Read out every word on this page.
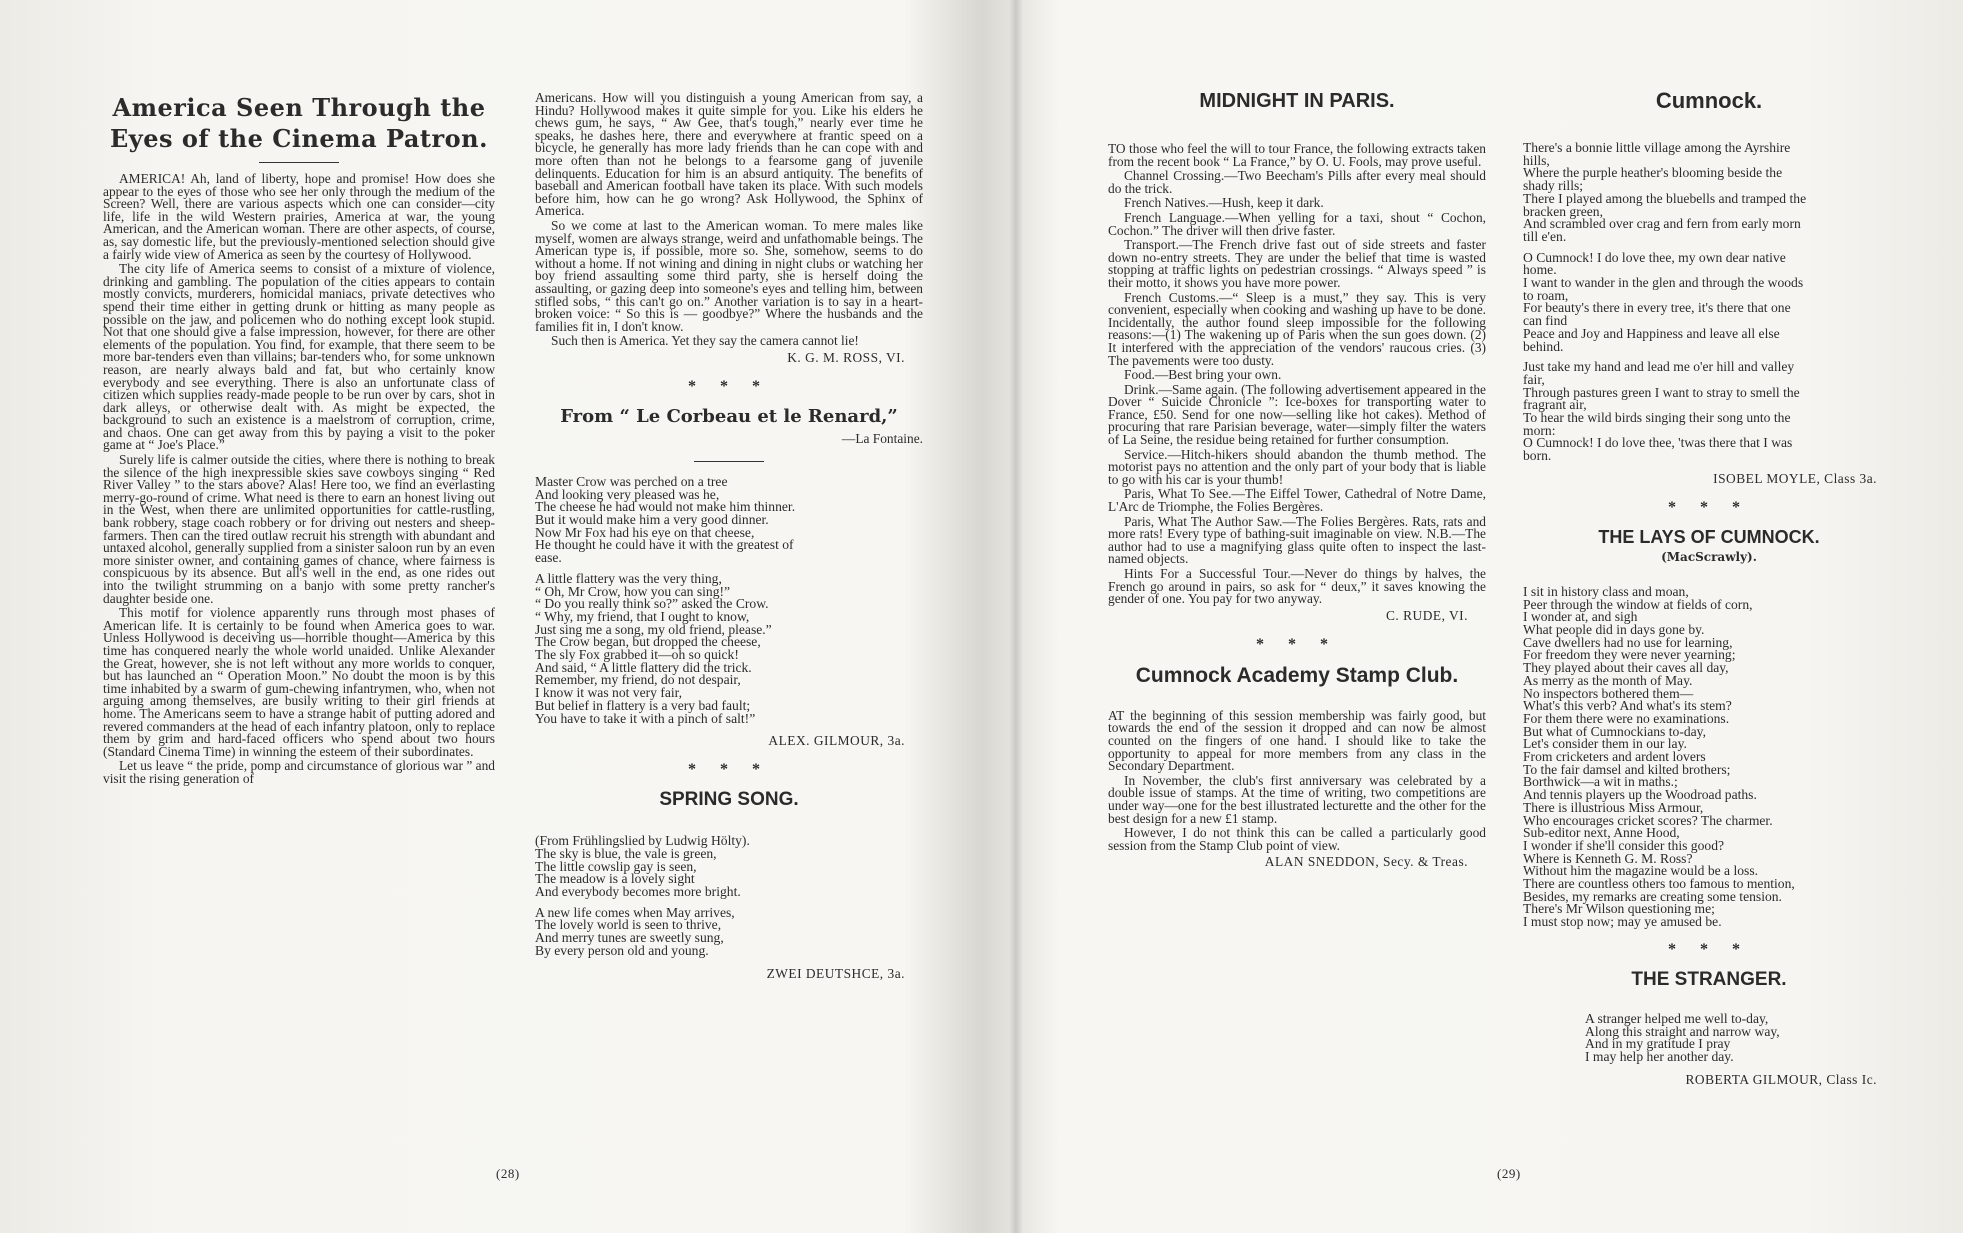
America Seen Through the Eyes of the Cinema Patron.

AMERICA! Ah, land of liberty, hope and promise! How does she appear to the eyes of those who see her only through the medium of the Screen? Well, there are various aspects which one can consider—city life, life in the wild Western prairies, America at war, the young American, and the American woman. There are other aspects, of course, as, say domestic life, but the previously-mentioned selection should give a fairly wide view of America as seen by the courtesy of Hollywood.

The city life of America seems to consist of a mixture of violence, drinking and gambling. The population of the cities appears to contain mostly convicts, murderers, homicidal maniacs, private detectives who spend their time either in getting drunk or hitting as many people as possible on the jaw, and policemen who do nothing except look stupid. Not that one should give a false impression, however, for there are other elements of the population. You find, for example, that there seem to be more bar-tenders even than villains; bar-tenders who, for some unknown reason, are nearly always bald and fat, but who certainly know everybody and see everything. There is also an unfortunate class of citizen which supplies ready-made people to be run over by cars, shot in dark alleys, or otherwise dealt with. As might be expected, the background to such an existence is a maelstrom of corruption, crime, and chaos. One can get away from this by paying a visit to the poker game at “ Joe's Place.”

Surely life is calmer outside the cities, where there is nothing to break the silence of the high inexpressible skies save cowboys singing “ Red River Valley ” to the stars above? Alas! Here too, we find an everlasting merry-go-round of crime. What need is there to earn an honest living out in the West, when there are unlimited opportunities for cattle-rustling, bank robbery, stage coach robbery or for driving out nesters and sheep-farmers. Then can the tired outlaw recruit his strength with abundant and untaxed alcohol, generally supplied from a sinister saloon run by an even more sinister owner, and containing games of chance, where fairness is conspicuous by its absence. But all's well in the end, as one rides out into the twilight strumming on a banjo with some pretty rancher's daughter beside one.

This motif for violence apparently runs through most phases of American life. It is certainly to be found when America goes to war. Unless Hollywood is deceiving us—horrible thought—America by this time has conquered nearly the whole world unaided. Unlike Alexander the Great, however, she is not left without any more worlds to conquer, but has launched an “ Operation Moon.” No doubt the moon is by this time inhabited by a swarm of gum-chewing infantrymen, who, when not arguing among themselves, are busily writing to their girl friends at home. The Americans seem to have a strange habit of putting adored and revered commanders at the head of each infantry platoon, only to replace them by grim and hard-faced officers who spend about two hours (Standard Cinema Time) in winning the esteem of their subordinates.

Let us leave “ the pride, pomp and circumstance of glorious war ” and visit the rising generation of

Americans. How will you distinguish a young American from say, a Hindu? Hollywood makes it quite simple for you. Like his elders he chews gum, he says, “ Aw Gee, that's tough,” nearly ever time he speaks, he dashes here, there and everywhere at frantic speed on a bicycle, he generally has more lady friends than he can cope with and more often than not he belongs to a fearsome gang of juvenile delinquents. Education for him is an absurd antiquity. The benefits of baseball and American football have taken its place. With such models before him, how can he go wrong? Ask Hollywood, the Sphinx of America.

So we come at last to the American woman. To mere males like myself, women are always strange, weird and unfathomable beings. The American type is, if possible, more so. She, somehow, seems to do without a home. If not wining and dining in night clubs or watching her boy friend assaulting some third party, she is herself doing the assaulting, or gazing deep into someone's eyes and telling him, between stifled sobs, “ this can't go on.” Another variation is to say in a heart-broken voice: “ So this is — goodbye?” Where the husbands and the families fit in, I don't know.

Such then is America. Yet they say the camera cannot lie!

K. G. M. ROSS, VI.
* * *
From “ Le Corbeau et le Renard,”
—La Fontaine.
Master Crow was perched on a tree
And looking very pleased was he,
The cheese he had would not make him thinner.
But it would make him a very good dinner.
Now Mr Fox had his eye on that cheese,
He thought he could have it with the greatest of
ease.
A little flattery was the very thing,
“ Oh, Mr Crow, how you can sing!”
“ Do you really think so?” asked the Crow.
“ Why, my friend, that I ought to know,
Just sing me a song, my old friend, please.”
The Crow began, but dropped the cheese,
The sly Fox grabbed it—oh so quick!
And said, “ A little flattery did the trick.
Remember, my friend, do not despair,
I know it was not very fair,
But belief in flattery is a very bad fault;
You have to take it with a pinch of salt!”
ALEX. GILMOUR, 3a.
* * *
SPRING SONG.
(From Frühlingslied by Ludwig Hölty).
The sky is blue, the vale is green,
The little cowslip gay is seen,
The meadow is a lovely sight
And everybody becomes more bright.
A new life comes when May arrives,
The lovely world is seen to thrive,
And merry tunes are sweetly sung,
By every person old and young.
ZWEI DEUTSHCE, 3a.
(28)
MIDNIGHT IN PARIS.

TO those who feel the will to tour France, the following extracts taken from the recent book “ La France,” by O. U. Fools, may prove useful.

Channel Crossing.—Two Beecham's Pills after every meal should do the trick.

French Natives.—Hush, keep it dark.

French Language.—When yelling for a taxi, shout “ Cochon, Cochon.” The driver will then drive faster.

Transport.—The French drive fast out of side streets and faster down no-entry streets. They are under the belief that time is wasted stopping at traffic lights on pedestrian crossings. “ Always speed ” is their motto, it shows you have more power.

French Customs.—“ Sleep is a must,” they say. This is very convenient, especially when cooking and washing up have to be done. Incidentally, the author found sleep impossible for the following reasons:—(1) The wakening up of Paris when the sun goes down. (2) It interfered with the appreciation of the vendors' raucous cries. (3) The pavements were too dusty.

Food.—Best bring your own.

Drink.—Same again. (The following advertisement appeared in the Dover “ Suicide Chronicle ”: Ice-boxes for transporting water to France, £50. Send for one now—selling like hot cakes). Method of procuring that rare Parisian beverage, water—simply filter the waters of La Seine, the residue being retained for further consumption.

Service.—Hitch-hikers should abandon the thumb method. The motorist pays no attention and the only part of your body that is liable to go with his car is your thumb!

Paris, What To See.—The Eiffel Tower, Cathedral of Notre Dame, L'Arc de Triomphe, the Folies Bergères.

Paris, What The Author Saw.—The Folies Bergères. Rats, rats and more rats! Every type of bathing-suit imaginable on view. N.B.—The author had to use a magnifying glass quite often to inspect the last-named objects.

Hints For a Successful Tour.—Never do things by halves, the French go around in pairs, so ask for “ deux,” it saves knowing the gender of one. You pay for two anyway.

C. RUDE, VI.
* * *
Cumnock Academy Stamp Club.

AT the beginning of this session membership was fairly good, but towards the end of the session it dropped and can now be almost counted on the fingers of one hand. I should like to take the opportunity to appeal for more members from any class in the Secondary Department.

In November, the club's first anniversary was celebrated by a double issue of stamps. At the time of writing, two competitions are under way—one for the best illustrated lecturette and the other for the best design for a new £1 stamp.

However, I do not think this can be called a particularly good session from the Stamp Club point of view.

ALAN SNEDDON, Secy. & Treas.
Cumnock.
There's a bonnie little village among the Ayrshire
hills,
Where the purple heather's blooming beside the
shady rills;
There I played among the bluebells and tramped the
bracken green,
And scrambled over crag and fern from early morn
till e'en.
O Cumnock! I do love thee, my own dear native
home.
I want to wander in the glen and through the woods
to roam,
For beauty's there in every tree, it's there that one
can find
Peace and Joy and Happiness and leave all else
behind.
Just take my hand and lead me o'er hill and valley
fair,
Through pastures green I want to stray to smell the
fragrant air,
To hear the wild birds singing their song unto the
morn:
O Cumnock! I do love thee, 'twas there that I was
born.
ISOBEL MOYLE, Class 3a.
* * *
THE LAYS OF CUMNOCK.
(MacScrawly).
I sit in history class and moan,
Peer through the window at fields of corn,
I wonder at, and sigh
What people did in days gone by.
Cave dwellers had no use for learning,
For freedom they were never yearning;
They played about their caves all day,
As merry as the month of May.
No inspectors bothered them—
What's this verb? And what's its stem?
For them there were no examinations.
But what of Cumnockians to-day,
Let's consider them in our lay.
From cricketers and ardent lovers
To the fair damsel and kilted brothers;
Borthwick—a wit in maths.;
And tennis players up the Woodroad paths.
There is illustrious Miss Armour,
Who encourages cricket scores? The charmer.
Sub-editor next, Anne Hood,
I wonder if she'll consider this good?
Where is Kenneth G. M. Ross?
Without him the magazine would be a loss.
There are countless others too famous to mention,
Besides, my remarks are creating some tension.
There's Mr Wilson questioning me;
I must stop now; may ye amused be.
* * *
THE STRANGER.
A stranger helped me well to-day,
Along this straight and narrow way,
And in my gratitude I pray
I may help her another day.
ROBERTA GILMOUR, Class Ic.
(29)
